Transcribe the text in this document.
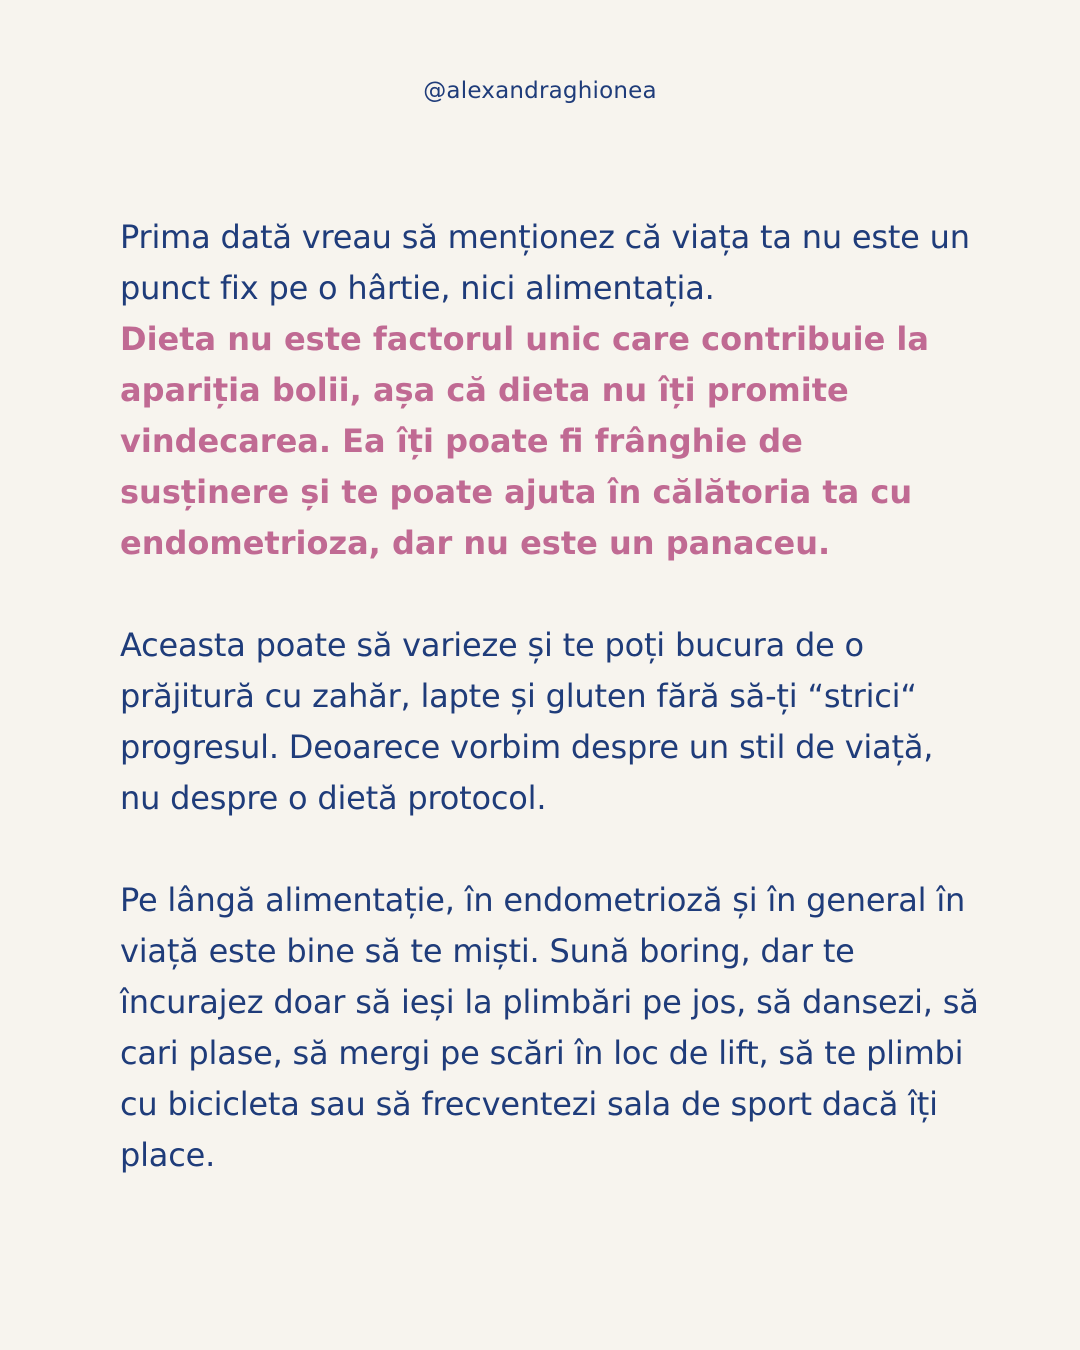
@alexandraghionea

Prima dată vreau să menționez că viața ta nu este un punct fix pe o hârtie, nici alimentația.

Dieta nu este factorul unic care contribuie la apariția bolii, așa că dieta nu îți promite vindecarea. Ea îți poate fi frânghie de susținere și te poate ajuta în călătoria ta cu endometrioza, dar nu este un panaceu.

Aceasta poate să varieze și te poți bucura de o prăjitură cu zahăr, lapte și gluten fără să-ți “strici“ progresul. Deoarece vorbim despre un stil de viață, nu despre o dietă protocol.

Pe lângă alimentație, în endometrioză și în general în viață este bine să te miști. Sună boring, dar te încurajez doar să ieși la plimbări pe jos, să dansezi, să cari plase, să mergi pe scări în loc de lift, să te plimbi cu bicicleta sau să frecventezi sala de sport dacă îți place.
